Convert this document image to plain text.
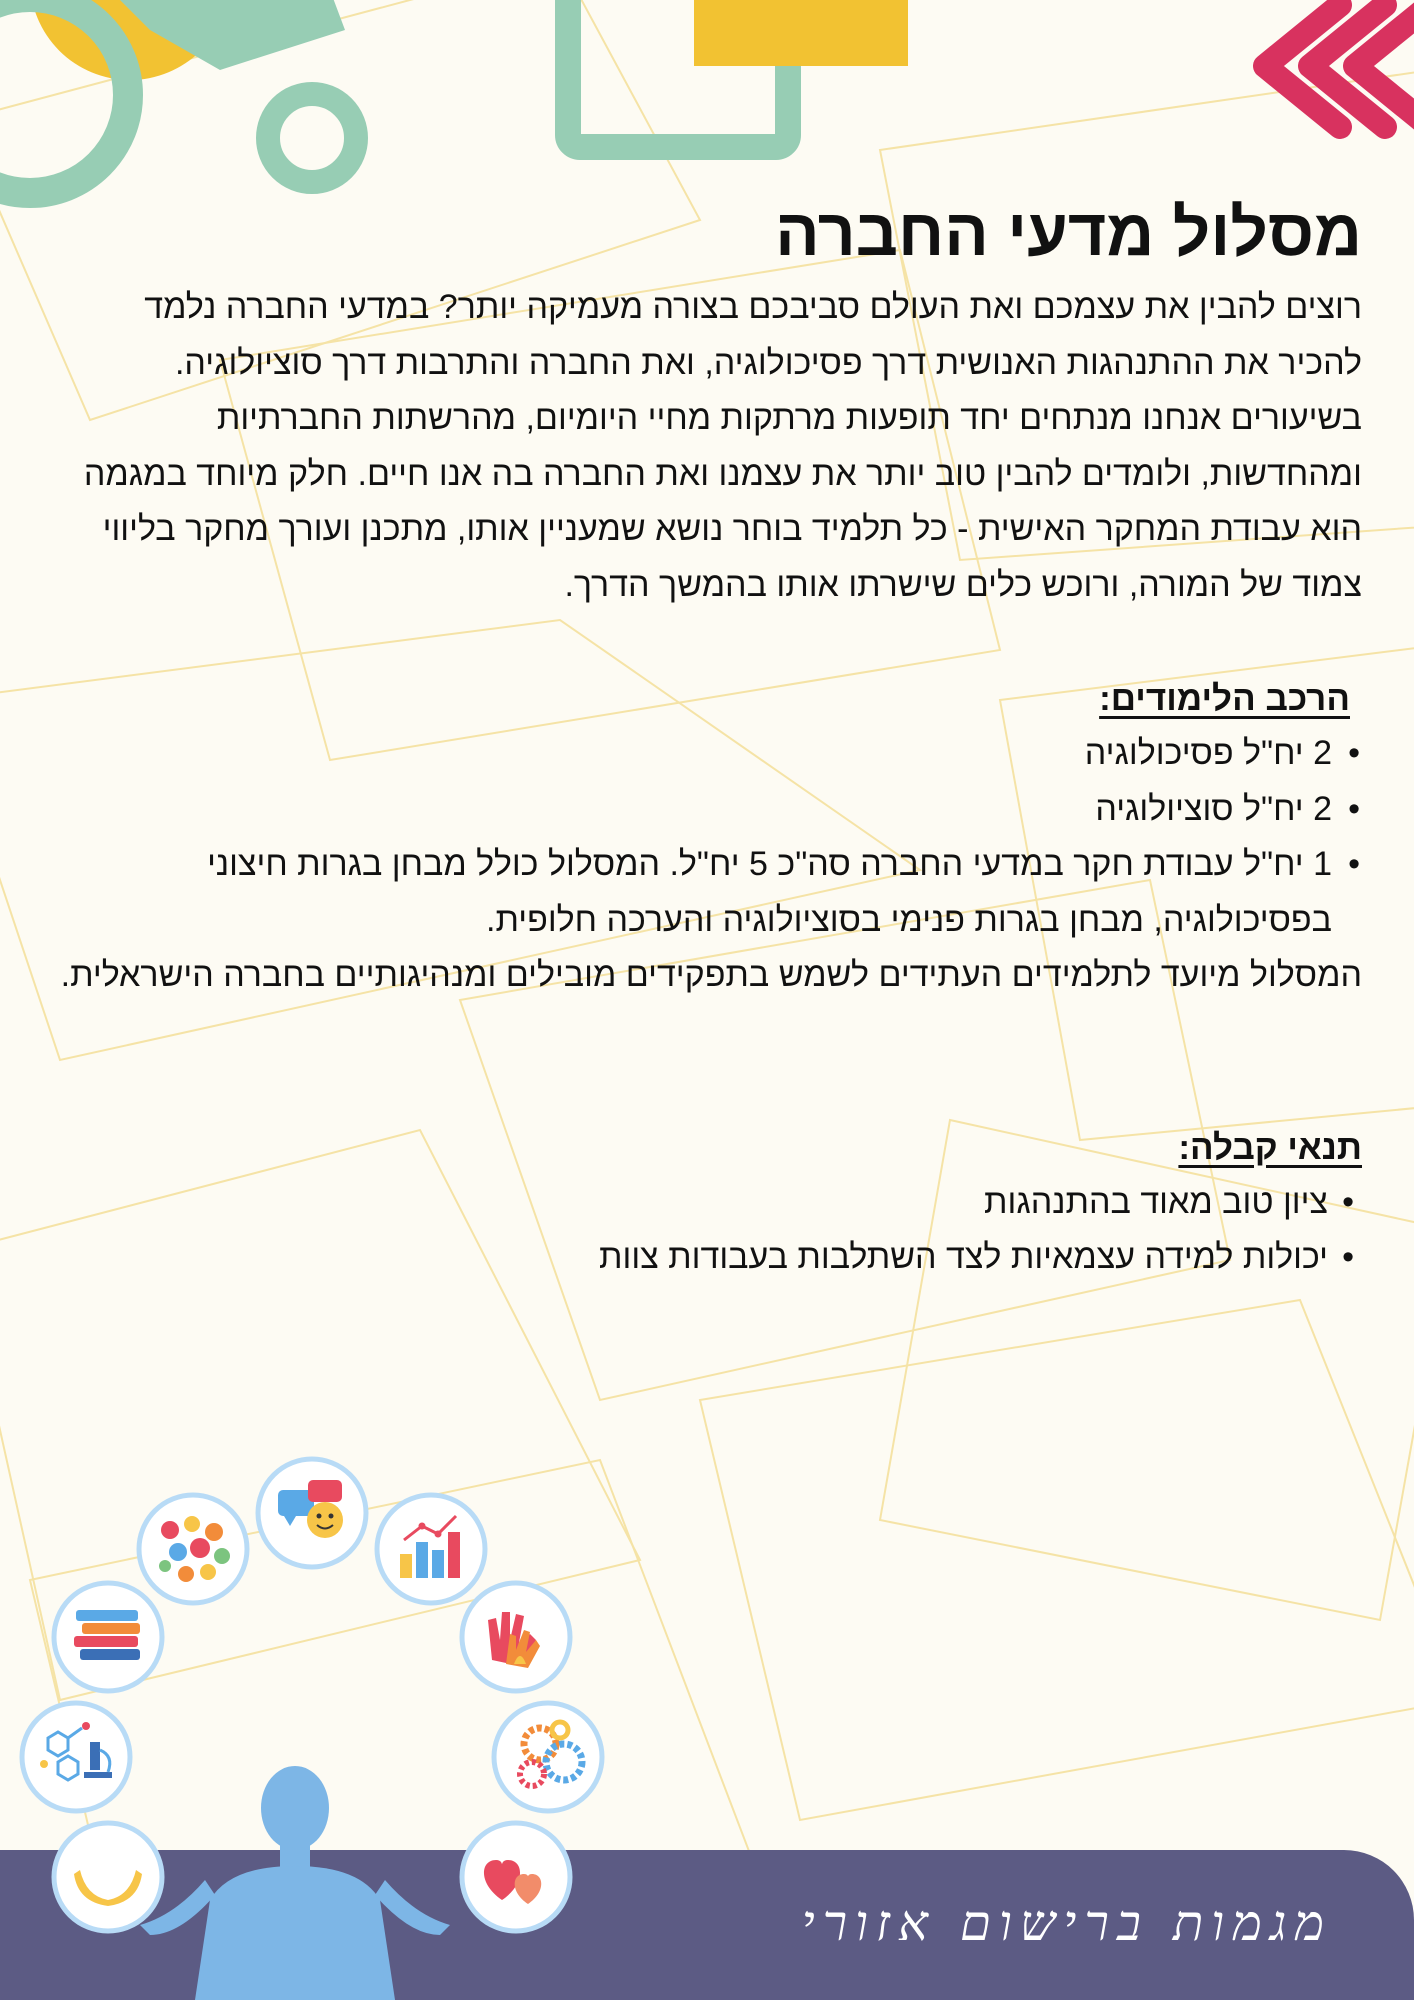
מסלול מדעי החברה

רוצים להבין את עצמכם ואת העולם סביבכם בצורה מעמיקה יותר? במדעי החברה נלמד להכיר את ההתנהגות האנושית דרך פסיכולוגיה, ואת החברה והתרבות דרך סוציולוגיה. בשיעורים אנחנו מנתחים יחד תופעות מרתקות מחיי היומיום, מהרשתות החברתיות ומהחדשות, ולומדים להבין טוב יותר את עצמנו ואת החברה בה אנו חיים. חלק מיוחד במגמה הוא עבודת המחקר האישית - כל תלמיד בוחר נושא שמעניין אותו, מתכנן ועורך מחקר בליווי צמוד של המורה, ורוכש כלים שישרתו אותו בהמשך הדרך.

הרכב הלימודים:
• 2 יח"ל פסיכולוגיה
• 2 יח"ל סוציולוגיה
• 1 יח"ל עבודת חקר במדעי החברה סה"כ 5 יח"ל. המסלול כולל מבחן בגרות חיצוני בפסיכולוגיה, מבחן בגרות פנימי בסוציולוגיה והערכה חלופית.

המסלול מיועד לתלמידים העתידים לשמש בתפקידים מובילים ומנהיגותיים בחברה הישראלית.

תנאי קבלה:
• ציון טוב מאוד בהתנהגות
• יכולות למידה עצמאיות לצד השתלבות בעבודות צוות
מגמות ברישום אזורי
